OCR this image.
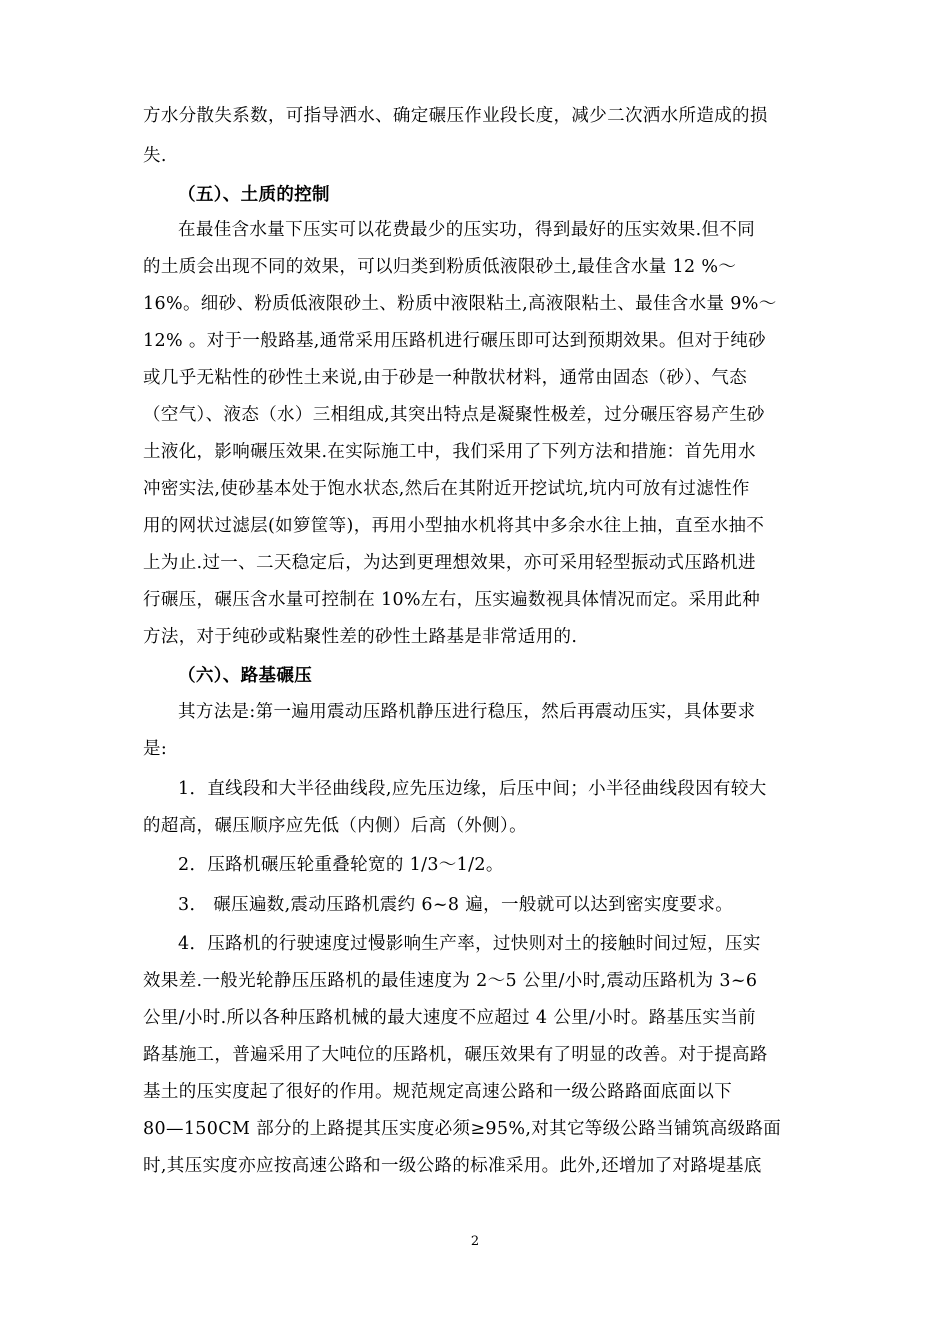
方水分散失系数，可指导洒水、确定碾压作业段长度，减少二次洒水所造成的损
失.
（五）、土质的控制
在最佳含水量下压实可以花费最少的压实功，得到最好的压实效果.但不同
的土质会出现不同的效果，可以归类到粉质低液限砂土,最佳含水量 12 %～
16%。细砂、粉质低液限砂土、粉质中液限粘土,高液限粘土、最佳含水量 9%～
12% 。对于一般路基,通常采用压路机进行碾压即可达到预期效果。但对于纯砂
或几乎无粘性的砂性土来说,由于砂是一种散状材料，通常由固态（砂）、气态
（空气）、液态（水）三相组成,其突出特点是凝聚性极差，过分碾压容易产生砂
土液化，影响碾压效果.在实际施工中，我们采用了下列方法和措施：首先用水
冲密实法,使砂基本处于饱水状态,然后在其附近开挖试坑,坑内可放有过滤性作
用的网状过滤层(如箩筐等)，再用小型抽水机将其中多余水往上抽，直至水抽不
上为止.过一、二天稳定后，为达到更理想效果，亦可采用轻型振动式压路机进
行碾压，碾压含水量可控制在 10%左右，压实遍数视具体情况而定。采用此种
方法，对于纯砂或粘聚性差的砂性土路基是非常适用的.
（六）、路基碾压
其方法是:第一遍用震动压路机静压进行稳压，然后再震动压实，具体要求
是:
1．直线段和大半径曲线段,应先压边缘，后压中间；小半径曲线段因有较大
的超高，碾压顺序应先低（内侧）后高（外侧）。
2．压路机碾压轮重叠轮宽的 1/3～1/2。
3． 碾压遍数,震动压路机震约 6~8 遍，一般就可以达到密实度要求。
4．压路机的行驶速度过慢影响生产率，过快则对土的接触时间过短，压实
效果差.一般光轮静压压路机的最佳速度为 2～5 公里/小时,震动压路机为 3~6
公里/小时.所以各种压路机械的最大速度不应超过 4 公里/小时。路基压实当前
路基施工，普遍采用了大吨位的压路机，碾压效果有了明显的改善。对于提高路
基土的压实度起了很好的作用。规范规定高速公路和一级公路路面底面以下
80—150CM 部分的上路提其压实度必须≥95%,对其它等级公路当铺筑高级路面
时,其压实度亦应按高速公路和一级公路的标准采用。此外,还增加了对路堤基底
2
